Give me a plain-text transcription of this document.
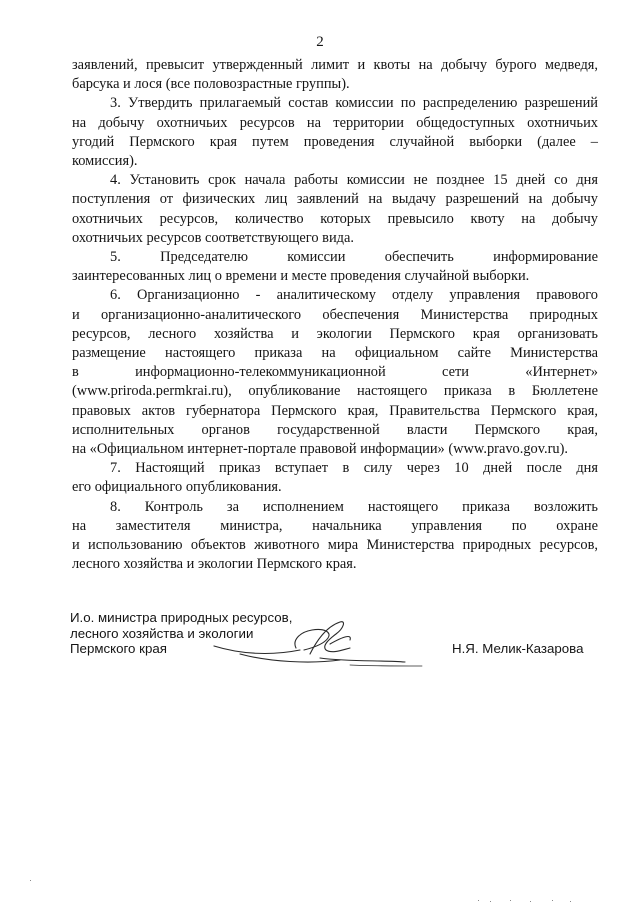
2

заявлений, превысит утвержденный лимит и квоты на добычу бурого медведя,

барсука и лося (все половозрастные группы).

3. Утвердить прилагаемый состав комиссии по распределению разрешений

на добычу охотничьих ресурсов на территории общедоступных охотничьих

угодий Пермского края путем проведения случайной выборки (далее –

комиссия).

4. Установить срок начала работы комиссии не позднее 15 дней со дня

поступления от физических лиц заявлений на выдачу разрешений на добычу

охотничьих ресурсов, количество которых превысило квоту на добычу

охотничьих ресурсов соответствующего вида.

5. Председателю комиссии обеспечить информирование

заинтересованных лиц о времени и месте проведения случайной выборки.

6. Организационно - аналитическому отделу управления правового

и организационно-аналитического обеспечения Министерства природных

ресурсов, лесного хозяйства и экологии Пермского края организовать

размещение настоящего приказа на официальном сайте Министерства

в информационно-телекоммуникационной сети «Интернет»

(www.priroda.permkrai.ru), опубликование настоящего приказа в Бюллетене

правовых актов губернатора Пермского края, Правительства Пермского края,

исполнительных органов государственной власти Пермского края,

на «Официальном интернет-портале правовой информации» (www.pravo.gov.ru).

7. Настоящий приказ вступает в силу через 10 дней после дня

его официального опубликования.

8. Контроль за исполнением настоящего приказа возложить

на заместителя министра, начальника управления по охране

и использованию объектов животного мира Министерства природных ресурсов,

лесного хозяйства и экологии Пермского края.

И.о. министра природных ресурсов,
лесного хозяйства и экологии
Пермского края	Н.Я. Мелик-Казарова
